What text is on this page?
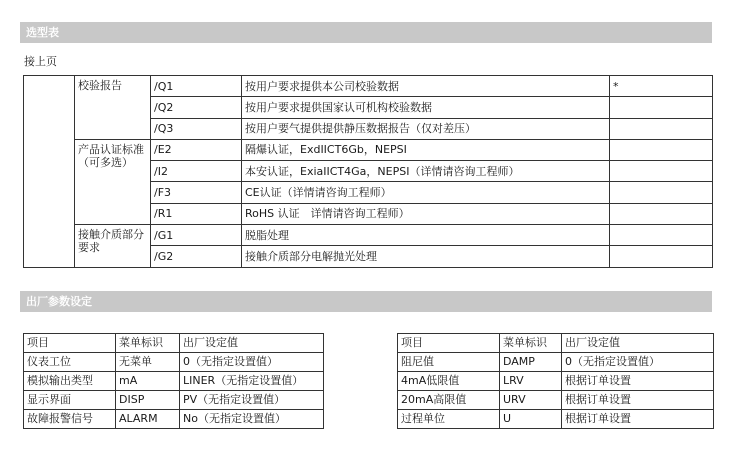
选型表
接上页
	校验报告	/Q1	按用户要求提供本公司校验数据	*
		/Q2	按用户要求提供国家认可机构校验数据	
		/Q3	按用户要气提供提供静压数据报告（仅对差压）	
	产品认证标准（可多选）	/E2	隔爆认证，ExdIICT6Gb，NEPSI	
		/I2	本安认证，ExiaIICT4Ga，NEPSI（详情请咨询工程师）	
		/F3	CE认证（详情请咨询工程师）	
		/R1	RoHS 认证　详情请咨询工程师）	
	接触介质部分要求	/G1	脱脂处理	
		/G2	接触介质部分电解抛光处理	
出厂参数设定
项目	菜单标识	出厂设定值
仪表工位	无菜单	0（无指定设置值）
模拟输出类型	mA	LINER（无指定设置值）
显示界面	DISP	PV（无指定设置值）
故障报警信号	ALARM	No（无指定设置值）
项目	菜单标识	出厂设定值
阻尼值	DAMP	0（无指定设置值）
4mA低限值	LRV	根据订单设置
20mA高限值	URV	根据订单设置
过程单位	U	根据订单设置
